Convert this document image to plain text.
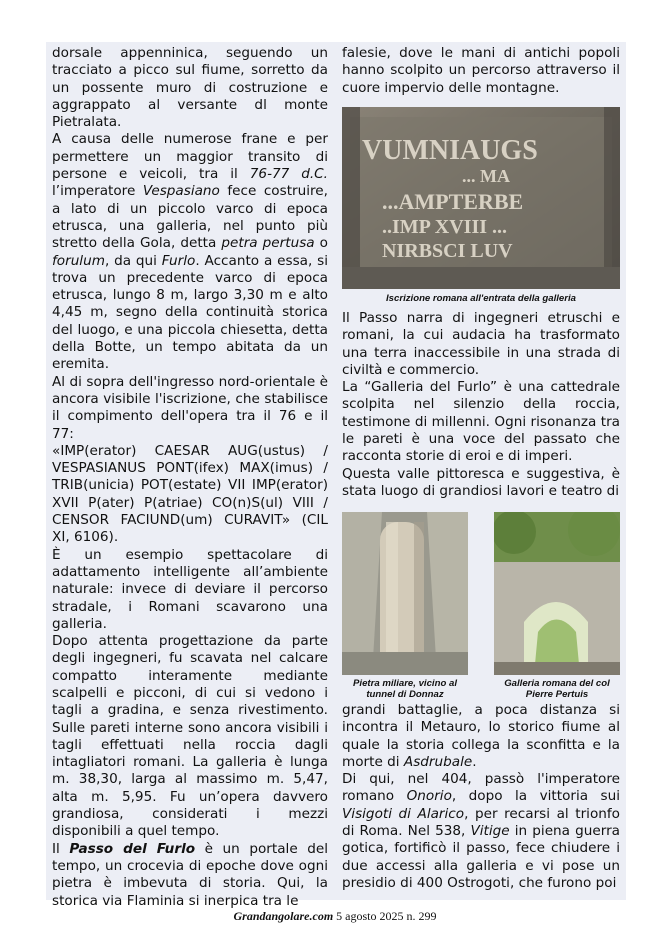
dorsale appenninica, seguendo un tracciato a picco sul fiume, sorretto da un possente muro di costruzione e aggrappato al versante dl monte Pietralata.

A causa delle numerose frane e per permettere un maggior transito di persone e veicoli, tra il 76-77 d.C. l’imperatore Vespasiano fece costruire, a lato di un piccolo varco di epoca etrusca, una galleria, nel punto più stretto della Gola, detta petra pertusa o forulum, da qui Furlo. Accanto a essa, si trova un precedente varco di epoca etrusca, lungo 8 m, largo 3,30 m e alto 4,45 m, segno della continuità storica del luogo, e una piccola chiesetta, detta della Botte, un tempo abitata da un eremita.

Al di sopra dell'ingresso nord-orientale è ancora visibile l'iscrizione, che stabilisce il compimento dell'opera tra il 76 e il 77:

«IMP(erator) CAESAR AUG(ustus) / VESPASIANUS PONT(ifex) MAX(imus) / TRIB(unicia) POT(estate) VII IMP(erator) XVII P(ater) P(atriae) CO(n)S(ul) VIII / CENSOR FACIUND(um) CURAVIT» (CIL XI, 6106).

È un esempio spettacolare di adattamento intelligente all’ambiente naturale: invece di deviare il percorso stradale, i Romani scavarono una galleria.

Dopo attenta progettazione da parte degli ingegneri, fu scavata nel calcare compatto interamente mediante scalpelli e picconi, di cui si vedono i tagli a gradina, e senza rivestimento. Sulle pareti interne sono ancora visibili i tagli effettuati nella roccia dagli intagliatori romani. La galleria è lunga m. 38,30, larga al massimo m. 5,47, alta m. 5,95. Fu un’opera davvero grandiosa, considerati i mezzi disponibili a quel tempo.

Il Passo del Furlo è un portale del tempo, un crocevia di epoche dove ogni pietra è imbevuta di storia. Qui, la storica via Flaminia si inerpica tra le

falesie, dove le mani di antichi popoli hanno scolpito un percorso attraverso il cuore impervio delle montagne.

VUMNIAUGS
... MA
...AMPTERBE
..IMP XVIII ...
NIRBSCI LUV
Iscrizione romana all'entrata della galleria

Il Passo narra di ingegneri etruschi e romani, la cui audacia ha trasformato una terra inaccessibile in una strada di civiltà e commercio.

La “Galleria del Furlo” è una cattedrale scolpita nel silenzio della roccia, testimone di millenni. Ogni risonanza tra le pareti è una voce del passato che racconta storie di eroi e di imperi.

Questa valle pittoresca e suggestiva, è stata luogo di grandiosi lavori e teatro di

Pietra miliare, vicino al tunnel di Donnaz
Galleria romana del col Pierre Pertuis

grandi battaglie, a poca distanza si incontra il Metauro, lo storico fiume al quale la storia collega la sconfitta e la morte di Asdrubale.

Di qui, nel 404, passò l'imperatore romano Onorio, dopo la vittoria sui Visigoti di Alarico, per recarsi al trionfo di Roma. Nel 538, Vitige in piena guerra gotica, fortificò il passo, fece chiudere i due accessi alla galleria e vi pose un presidio di 400 Ostrogoti, che furono poi

Grandangolare.com 5 agosto 2025 n. 299
